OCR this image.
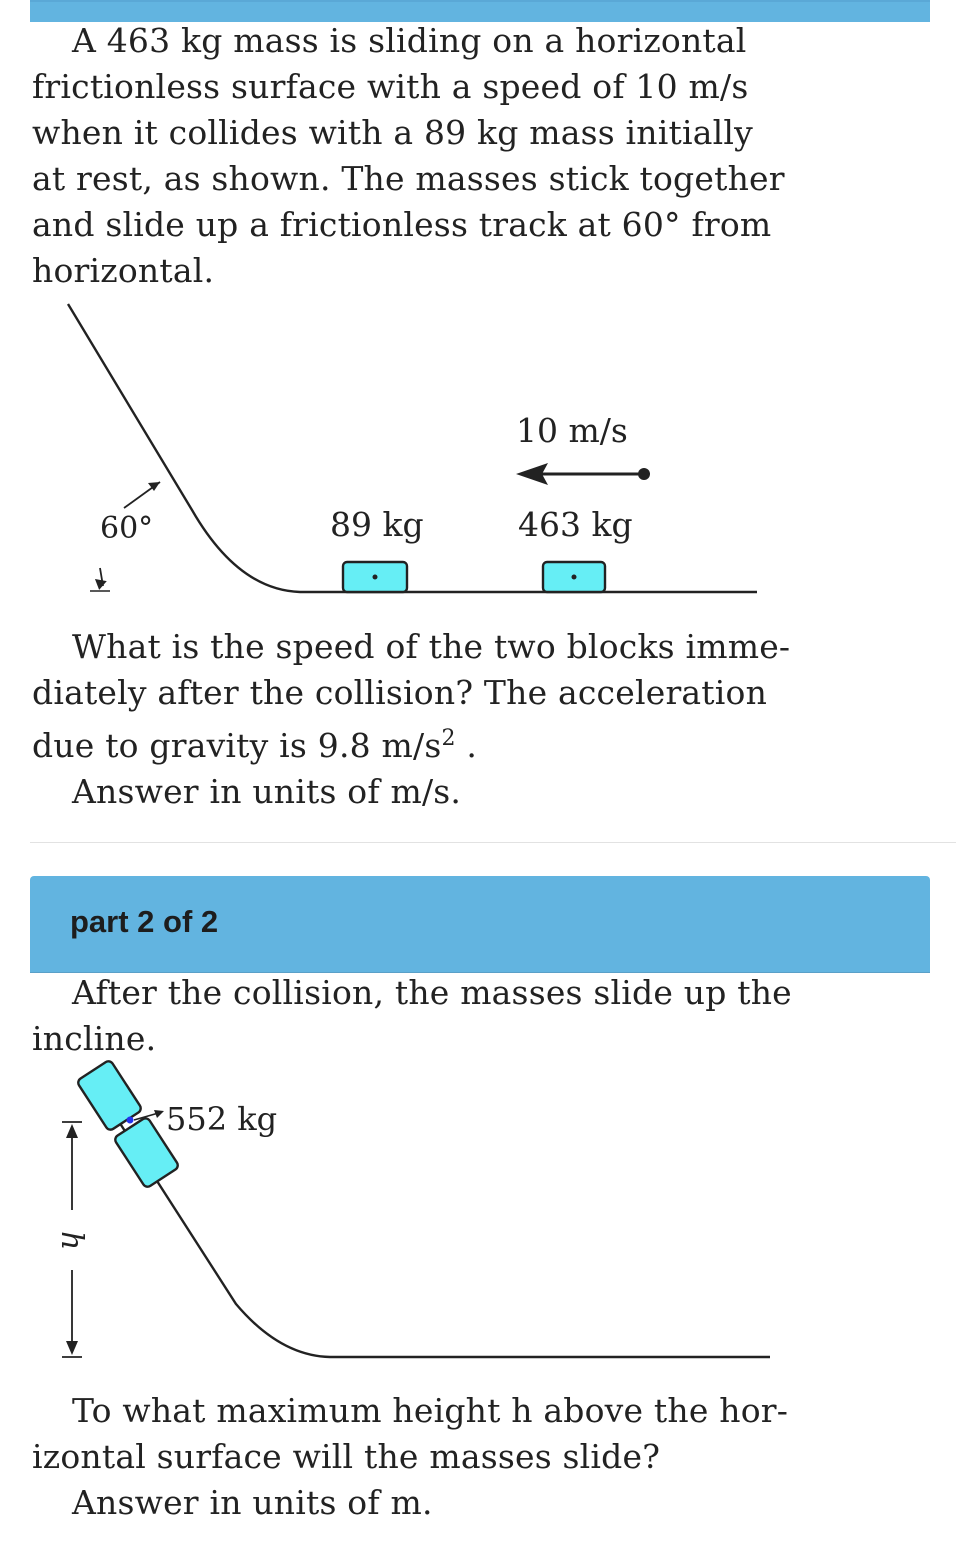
A 463 kg mass is sliding on a horizontal
frictionless surface with a speed of 10 m/s
when it collides with a 89 kg mass initially
at rest, as shown. The masses stick together
and slide up a frictionless track at 60° from
horizontal.
60°
10 m/s
89 kg	463 kg
What is the speed of the two blocks imme-
diately after the collision? The acceleration
due to gravity is 9.8 $m/s^2$ .
Answer in units of m/s.
part 2 of 2
After the collision, the masses slide up the
incline.
552 kg
h
To what maximum height h above the hor-
izontal surface will the masses slide?
Answer in units of m.
